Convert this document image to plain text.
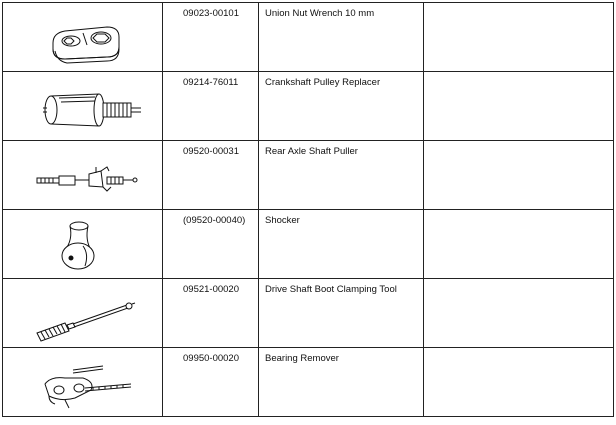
09023-00101	Union Nut Wrench 10 mm	

09214-76011	Crankshaft Pulley Replacer	

09520-00031	Rear Axle Shaft Puller	

(09520-00040)	Shocker	

09521-00020	Drive Shaft Boot Clamping Tool	

09950-00020	Bearing Remover	
